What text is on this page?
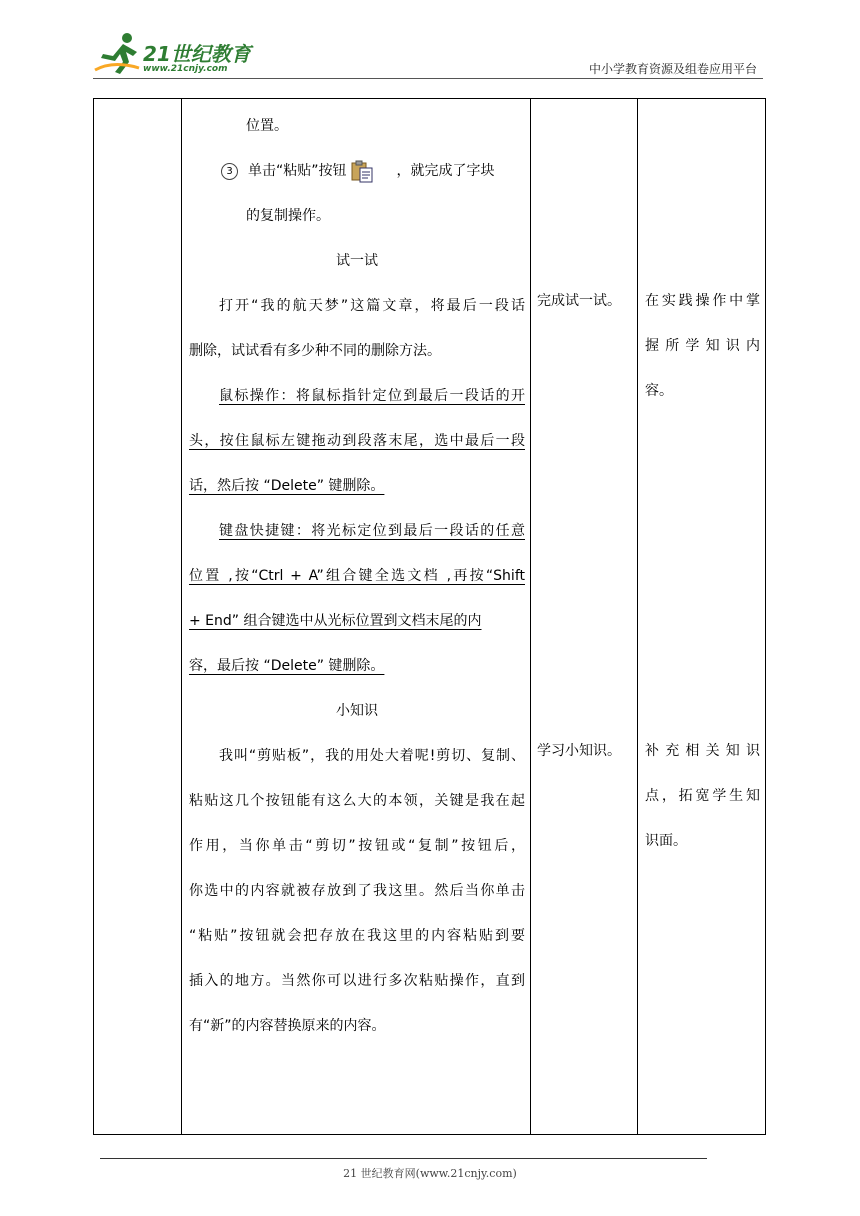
21世纪教育
www.21cnjy.com	中小学教育资源及组卷应用平台

位置。

3 单击“粘贴”按钮	，就完成了字块

的复制操作。

试一试

打开“我的航天梦”这篇文章，将最后一段话

删除，试试看有多少种不同的删除方法。

鼠标操作：将鼠标指针定位到最后一段话的开

头，按住鼠标左键拖动到段落末尾，选中最后一段

话，然后按 “Delete” 键删除。

键盘快捷键：将光标定位到最后一段话的任意

位置 ,按“Ctrl + A”组合键全选文档 ,再按“Shift

+ End” 组合键选中从光标位置到文档末尾的内

容，最后按 “Delete” 键删除。

小知识

我叫“剪贴板”，我的用处大着呢!剪切、复制、

粘贴这几个按钮能有这么大的本领，关键是我在起

作用，当你单击“剪切”按钮或“复制”按钮后，

你选中的内容就被存放到了我这里。然后当你单击

“粘贴”按钮就会把存放在我这里的内容粘贴到要

插入的地方。当然你可以进行多次粘贴操作，直到

有“新”的内容替换原来的内容。

完成试一试。

学习小知识。

在实践操作中掌

握所学知识内

容。

补充相关知识

点，拓宽学生知

识面。

21 世纪教育网(www.21cnjy.com)
